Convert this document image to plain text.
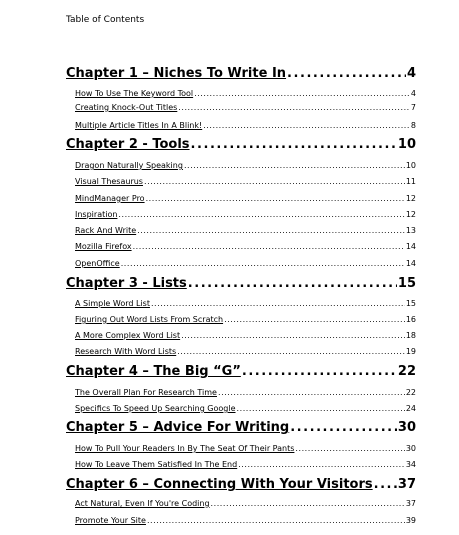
Table of Contents
Chapter 1 – Niches To Write In . . .	4
How To Use The Keyword Tool . . .	4
Creating Knock-Out Titles . . .	7
Multiple Article Titles In A Blink! . . .	8
Chapter 2 - Tools . . .	10
Dragon Naturally Speaking . . .	10
Visual Thesaurus . . .	11
MindManager Pro . . .	12
Inspiration . . .	12
Rack And Write . . .	13
Mozilla Firefox . . .	14
OpenOffice . . .	14
Chapter 3 - Lists . . .	15
A Simple Word List . . .	15
Figuring Out Word Lists From Scratch . . .	16
A More Complex Word List . . .	18
Research With Word Lists . . .	19
Chapter 4 – The Big “G” . . .	22
The Overall Plan For Research Time . . .	22
Specifics To Speed Up Searching Google . . .	24
Chapter 5 – Advice For Writing . . .	30
How To Pull Your Readers In By The Seat Of Their Pants . . .	30
How To Leave Them Satisfied In The End . . .	34
Chapter 6 – Connecting With Your Visitors . . . 37
Act Natural, Even If You're Coding . . .	37
Promote Your Site . . .	39
